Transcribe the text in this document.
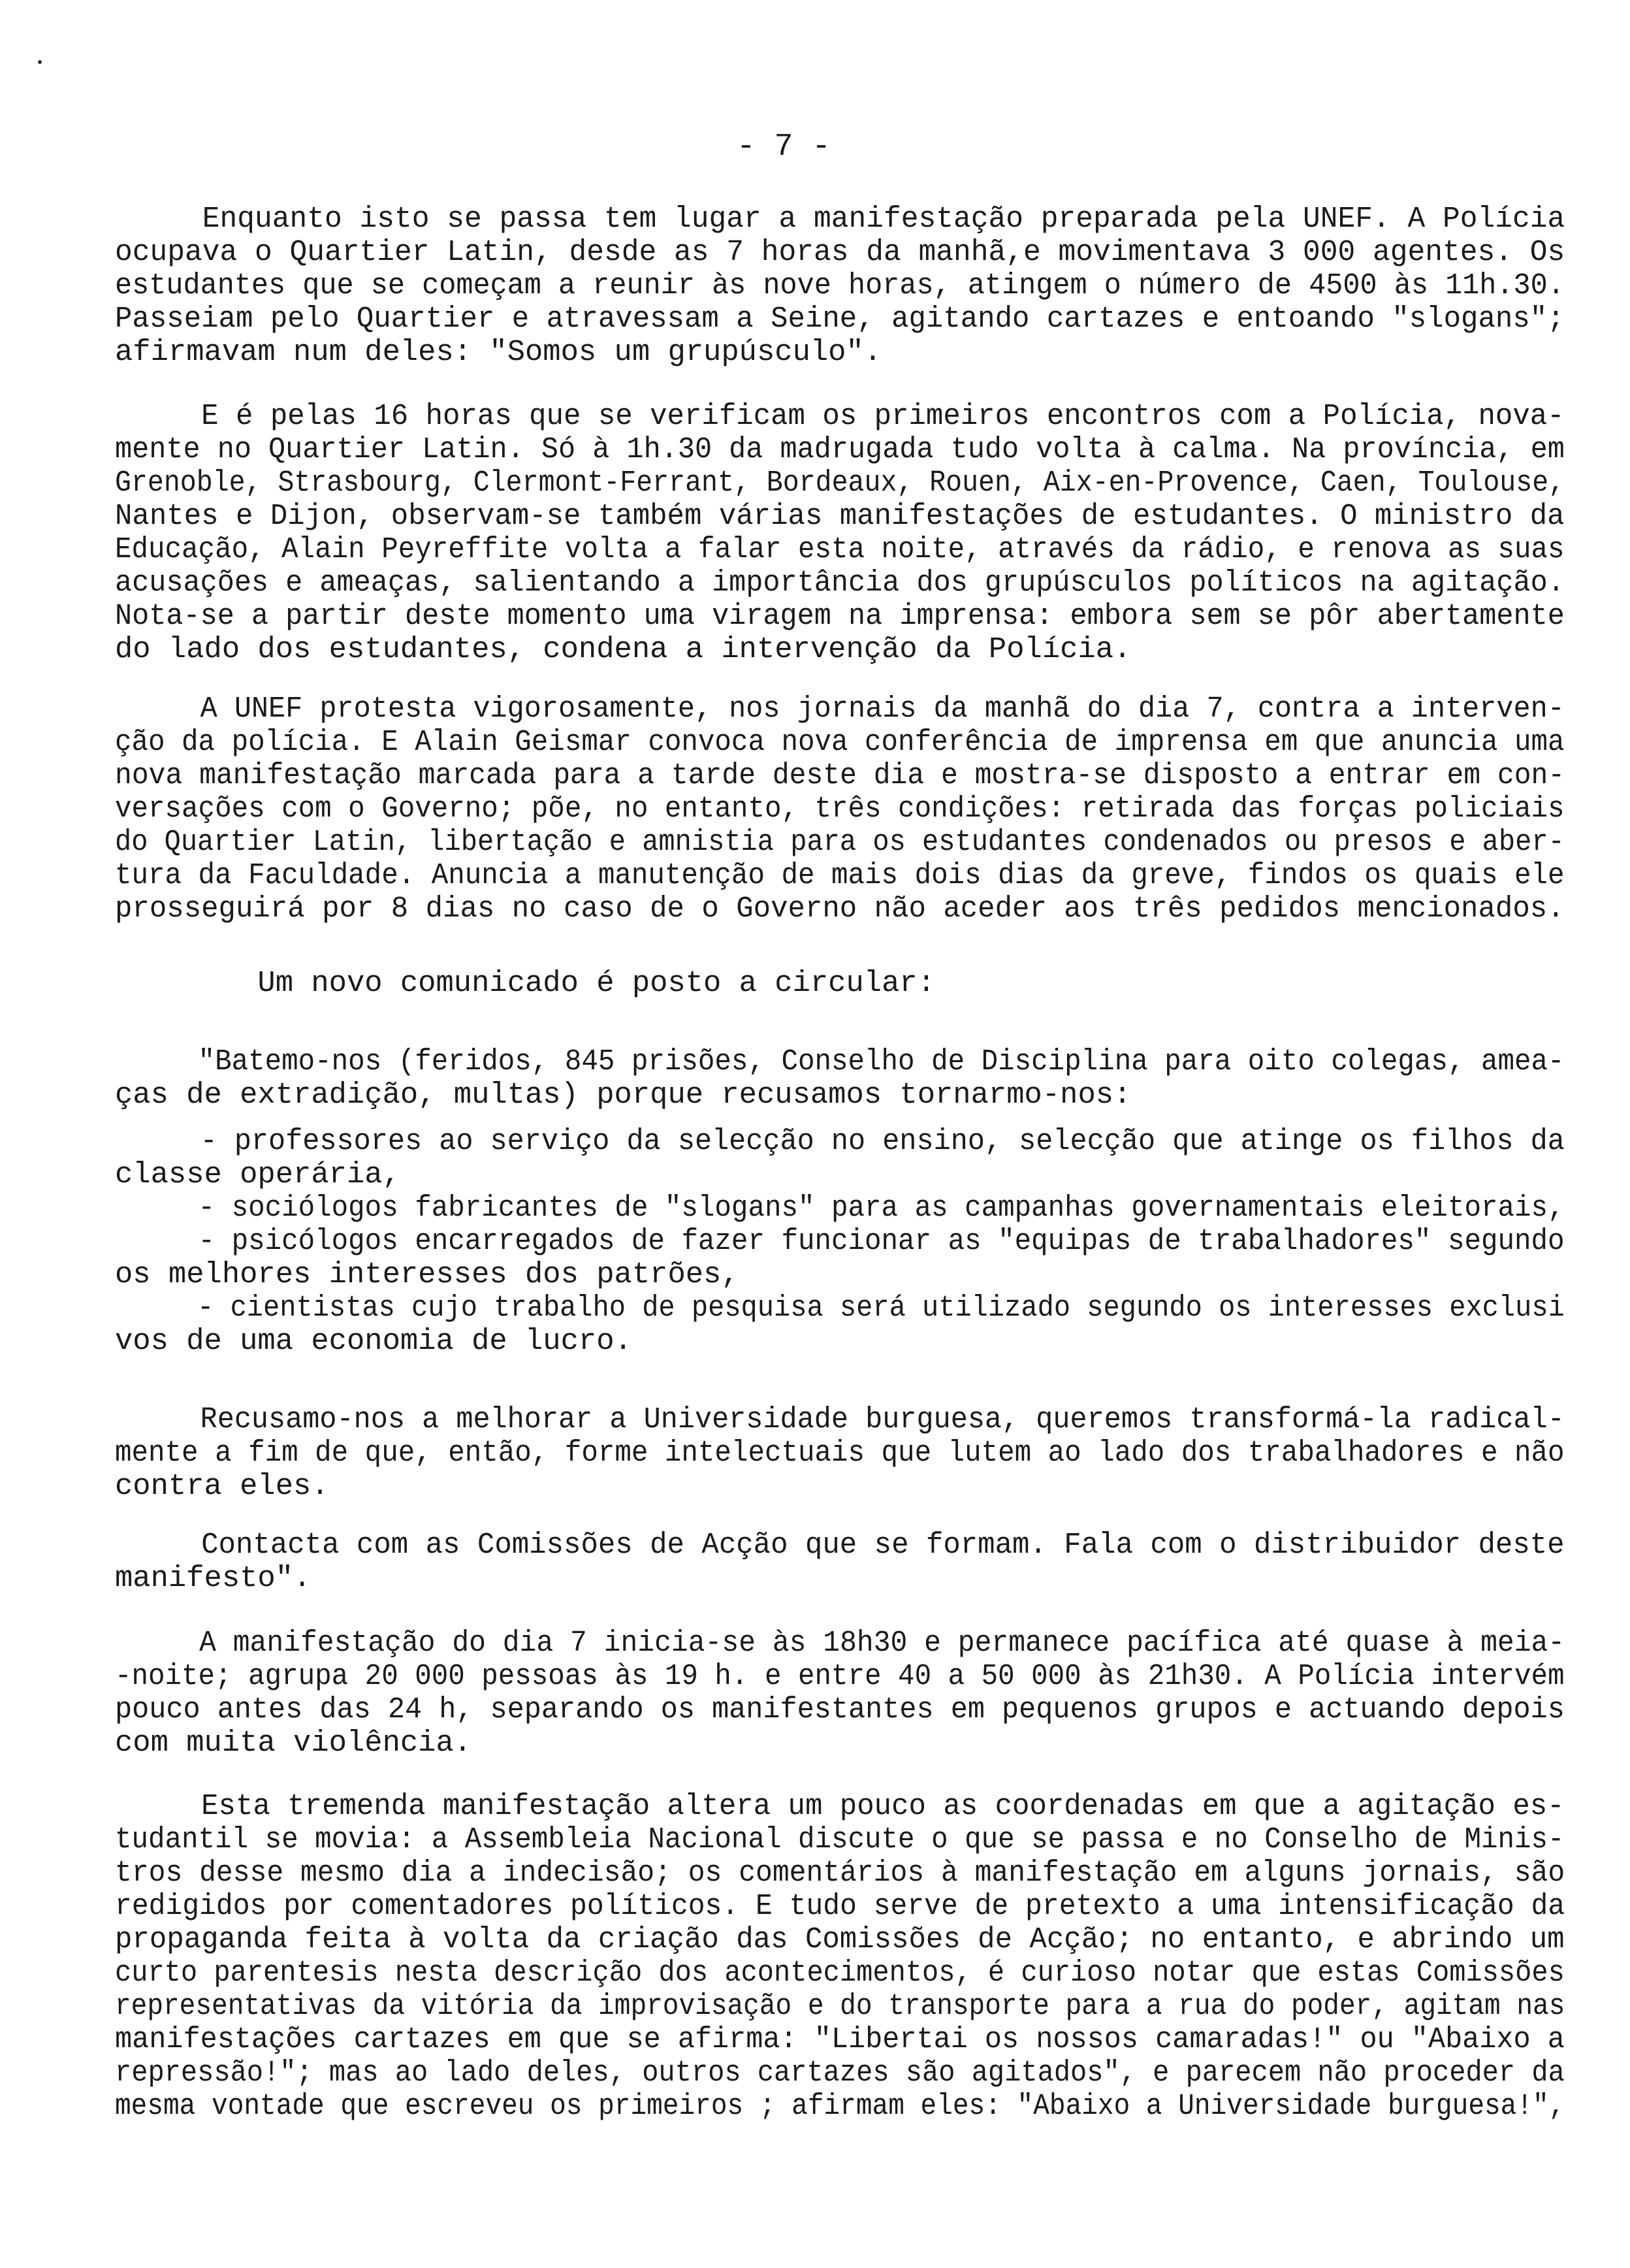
- 7 -
Enquanto isto se passa tem lugar a manifestação preparada pela UNEF. A Polícia
ocupava o Quartier Latin, desde as 7 horas da manhã,e movimentava 3 000 agentes. Os
estudantes que se começam a reunir às nove horas, atingem o número de 4500 às 11h.30.
Passeiam pelo Quartier e atravessam a Seine, agitando cartazes e entoando "slogans";
afirmavam num deles: "Somos um grupúsculo".
E é pelas 16 horas que se verificam os primeiros encontros com a Polícia, nova-
mente no Quartier Latin. Só à 1h.30 da madrugada tudo volta à calma. Na província, em
Grenoble, Strasbourg, Clermont-Ferrant, Bordeaux, Rouen, Aix-en-Provence, Caen, Toulouse,
Nantes e Dijon, observam-se também várias manifestações de estudantes. O ministro da
Educação, Alain Peyreffite volta a falar esta noite, através da rádio, e renova as suas
acusações e ameaças, salientando a importância dos grupúsculos políticos na agitação.
Nota-se a partir deste momento uma viragem na imprensa: embora sem se pôr abertamente
do lado dos estudantes, condena a intervenção da Polícia.
A UNEF protesta vigorosamente, nos jornais da manhã do dia 7, contra a interven-
ção da polícia. E Alain Geismar convoca nova conferência de imprensa em que anuncia uma
nova manifestação marcada para a tarde deste dia e mostra-se disposto a entrar em con-
versações com o Governo; põe, no entanto, três condições: retirada das forças policiais
do Quartier Latin, libertação e amnistia para os estudantes condenados ou presos e aber-
tura da Faculdade. Anuncia a manutenção de mais dois dias da greve, findos os quais ele
prosseguirá por 8 dias no caso de o Governo não aceder aos três pedidos mencionados.
Um novo comunicado é posto a circular:
"Batemo-nos (feridos, 845 prisões, Conselho de Disciplina para oito colegas, amea-
ças de extradição, multas) porque recusamos tornarmo-nos:
- professores ao serviço da selecção no ensino, selecção que atinge os filhos da
classe operária,
- sociólogos fabricantes de "slogans" para as campanhas governamentais eleitorais,
- psicólogos encarregados de fazer funcionar as "equipas de trabalhadores" segundo
os melhores interesses dos patrões,
- cientistas cujo trabalho de pesquisa será utilizado segundo os interesses exclusi
vos de uma economia de lucro.
Recusamo-nos a melhorar a Universidade burguesa, queremos transformá-la radical-
mente a fim de que, então, forme intelectuais que lutem ao lado dos trabalhadores e não
contra eles.
Contacta com as Comissões de Acção que se formam. Fala com o distribuidor deste
manifesto".
A manifestação do dia 7 inicia-se às 18h30 e permanece pacífica até quase à meia-
-noite; agrupa 20 000 pessoas às 19 h. e entre 40 a 50 000 às 21h30. A Polícia intervém
pouco antes das 24 h, separando os manifestantes em pequenos grupos e actuando depois
com muita violência.
Esta tremenda manifestação altera um pouco as coordenadas em que a agitação es-
tudantil se movia: a Assembleia Nacional discute o que se passa e no Conselho de Minis-
tros desse mesmo dia a indecisão; os comentários à manifestação em alguns jornais, são
redigidos por comentadores políticos. E tudo serve de pretexto a uma intensificação da
propaganda feita à volta da criação das Comissões de Acção; no entanto, e abrindo um
curto parentesis nesta descrição dos acontecimentos, é curioso notar que estas Comissões
representativas da vitória da improvisação e do transporte para a rua do poder, agitam nas
manifestações cartazes em que se afirma: "Libertai os nossos camaradas!" ou "Abaixo a
repressão!"; mas ao lado deles, outros cartazes são agitados", e parecem não proceder da
mesma vontade que escreveu os primeiros ; afirmam eles: "Abaixo a Universidade burguesa!",
